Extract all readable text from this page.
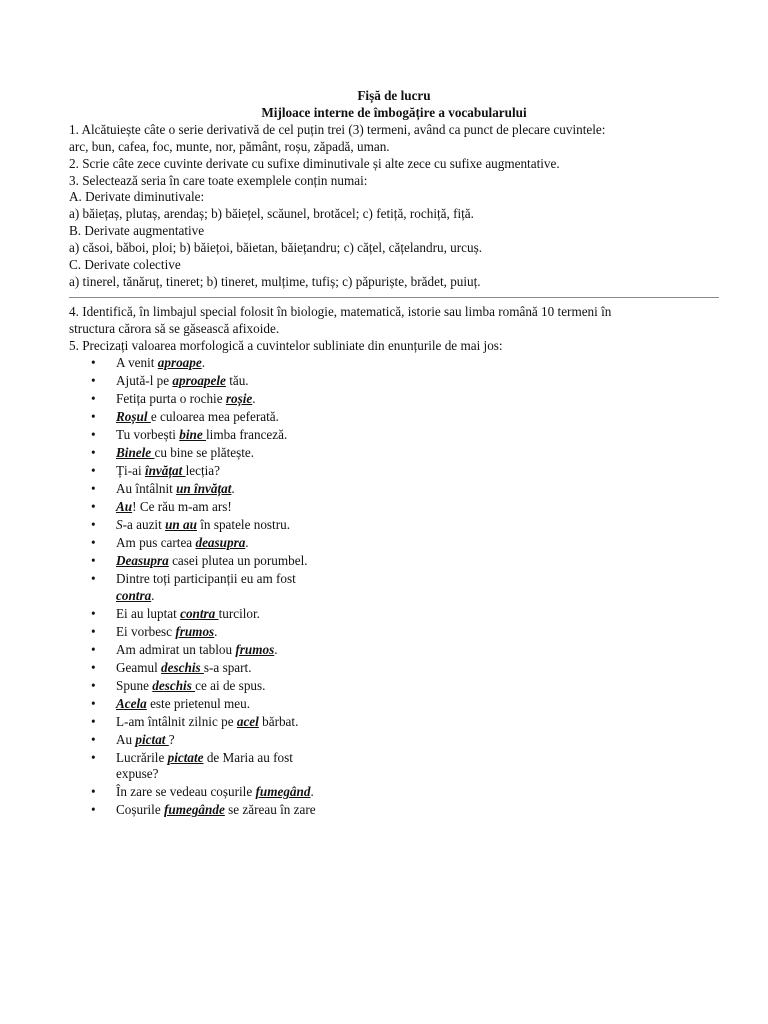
Fișă de lucru

Mijloace interne de îmbogățire a vocabularului

1. Alcătuiește câte o serie derivativă de cel puțin trei (3) termeni, având ca punct de plecare cuvintele:

arc, bun, cafea, foc, munte, nor, pământ, roșu, zăpadă, uman.

2. Scrie câte zece cuvinte derivate cu sufixe diminutivale și alte zece cu sufixe augmentative.

3. Selectează seria în care toate exemplele conțin numai:

A. Derivate diminutivale:

a) băiețaș, plutaș, arendaș; b) băiețel, scăunel, brotăcel; c) fetiță, rochiță, fiță.

B. Derivate augmentative

a) căsoi, băboi, ploi; b) băiețoi, băietan, băiețandru; c) cățel, cățelandru, urcuș.

C. Derivate colective

a) tinerel, tănăruț, tineret; b) tineret, mulțime, tufiș; c) păpuriște, brădet, puiuț.

4. Identifică, în limbajul special folosit în biologie, matematică, istorie sau limba română 10 termeni în

structura cărora să se găsească afixoide.

5. Precizați valoarea morfologică a cuvintelor subliniate din enunțurile de mai jos:

• A venit aproape.
• Ajută-l pe aproapele tău.
• Fetița purta o rochie roșie.
• Roșul e culoarea mea peferată.
• Tu vorbești bine limba franceză.
• Binele cu bine se plătește.
• Ți-ai învățat lecția?
• Au întâlnit un învățat.
• Au! Ce rău m-am ars!
• S-a auzit un au în spatele nostru.
• Am pus cartea deasupra.
• Deasupra casei plutea un porumbel.
• Dintre toți participanții eu am fost
contra.
• Ei au luptat contra turcilor.
• Ei vorbesc frumos.
• Am admirat un tablou frumos.
• Geamul deschis s-a spart.
• Spune deschis ce ai de spus.
• Acela este prietenul meu.
• L-am întâlnit zilnic pe acel bărbat.
• Au pictat ?
• Lucrările pictate de Maria au fost
expuse?
• În zare se vedeau coșurile fumegând.
• Coșurile fumegânde se zăreau în zare
